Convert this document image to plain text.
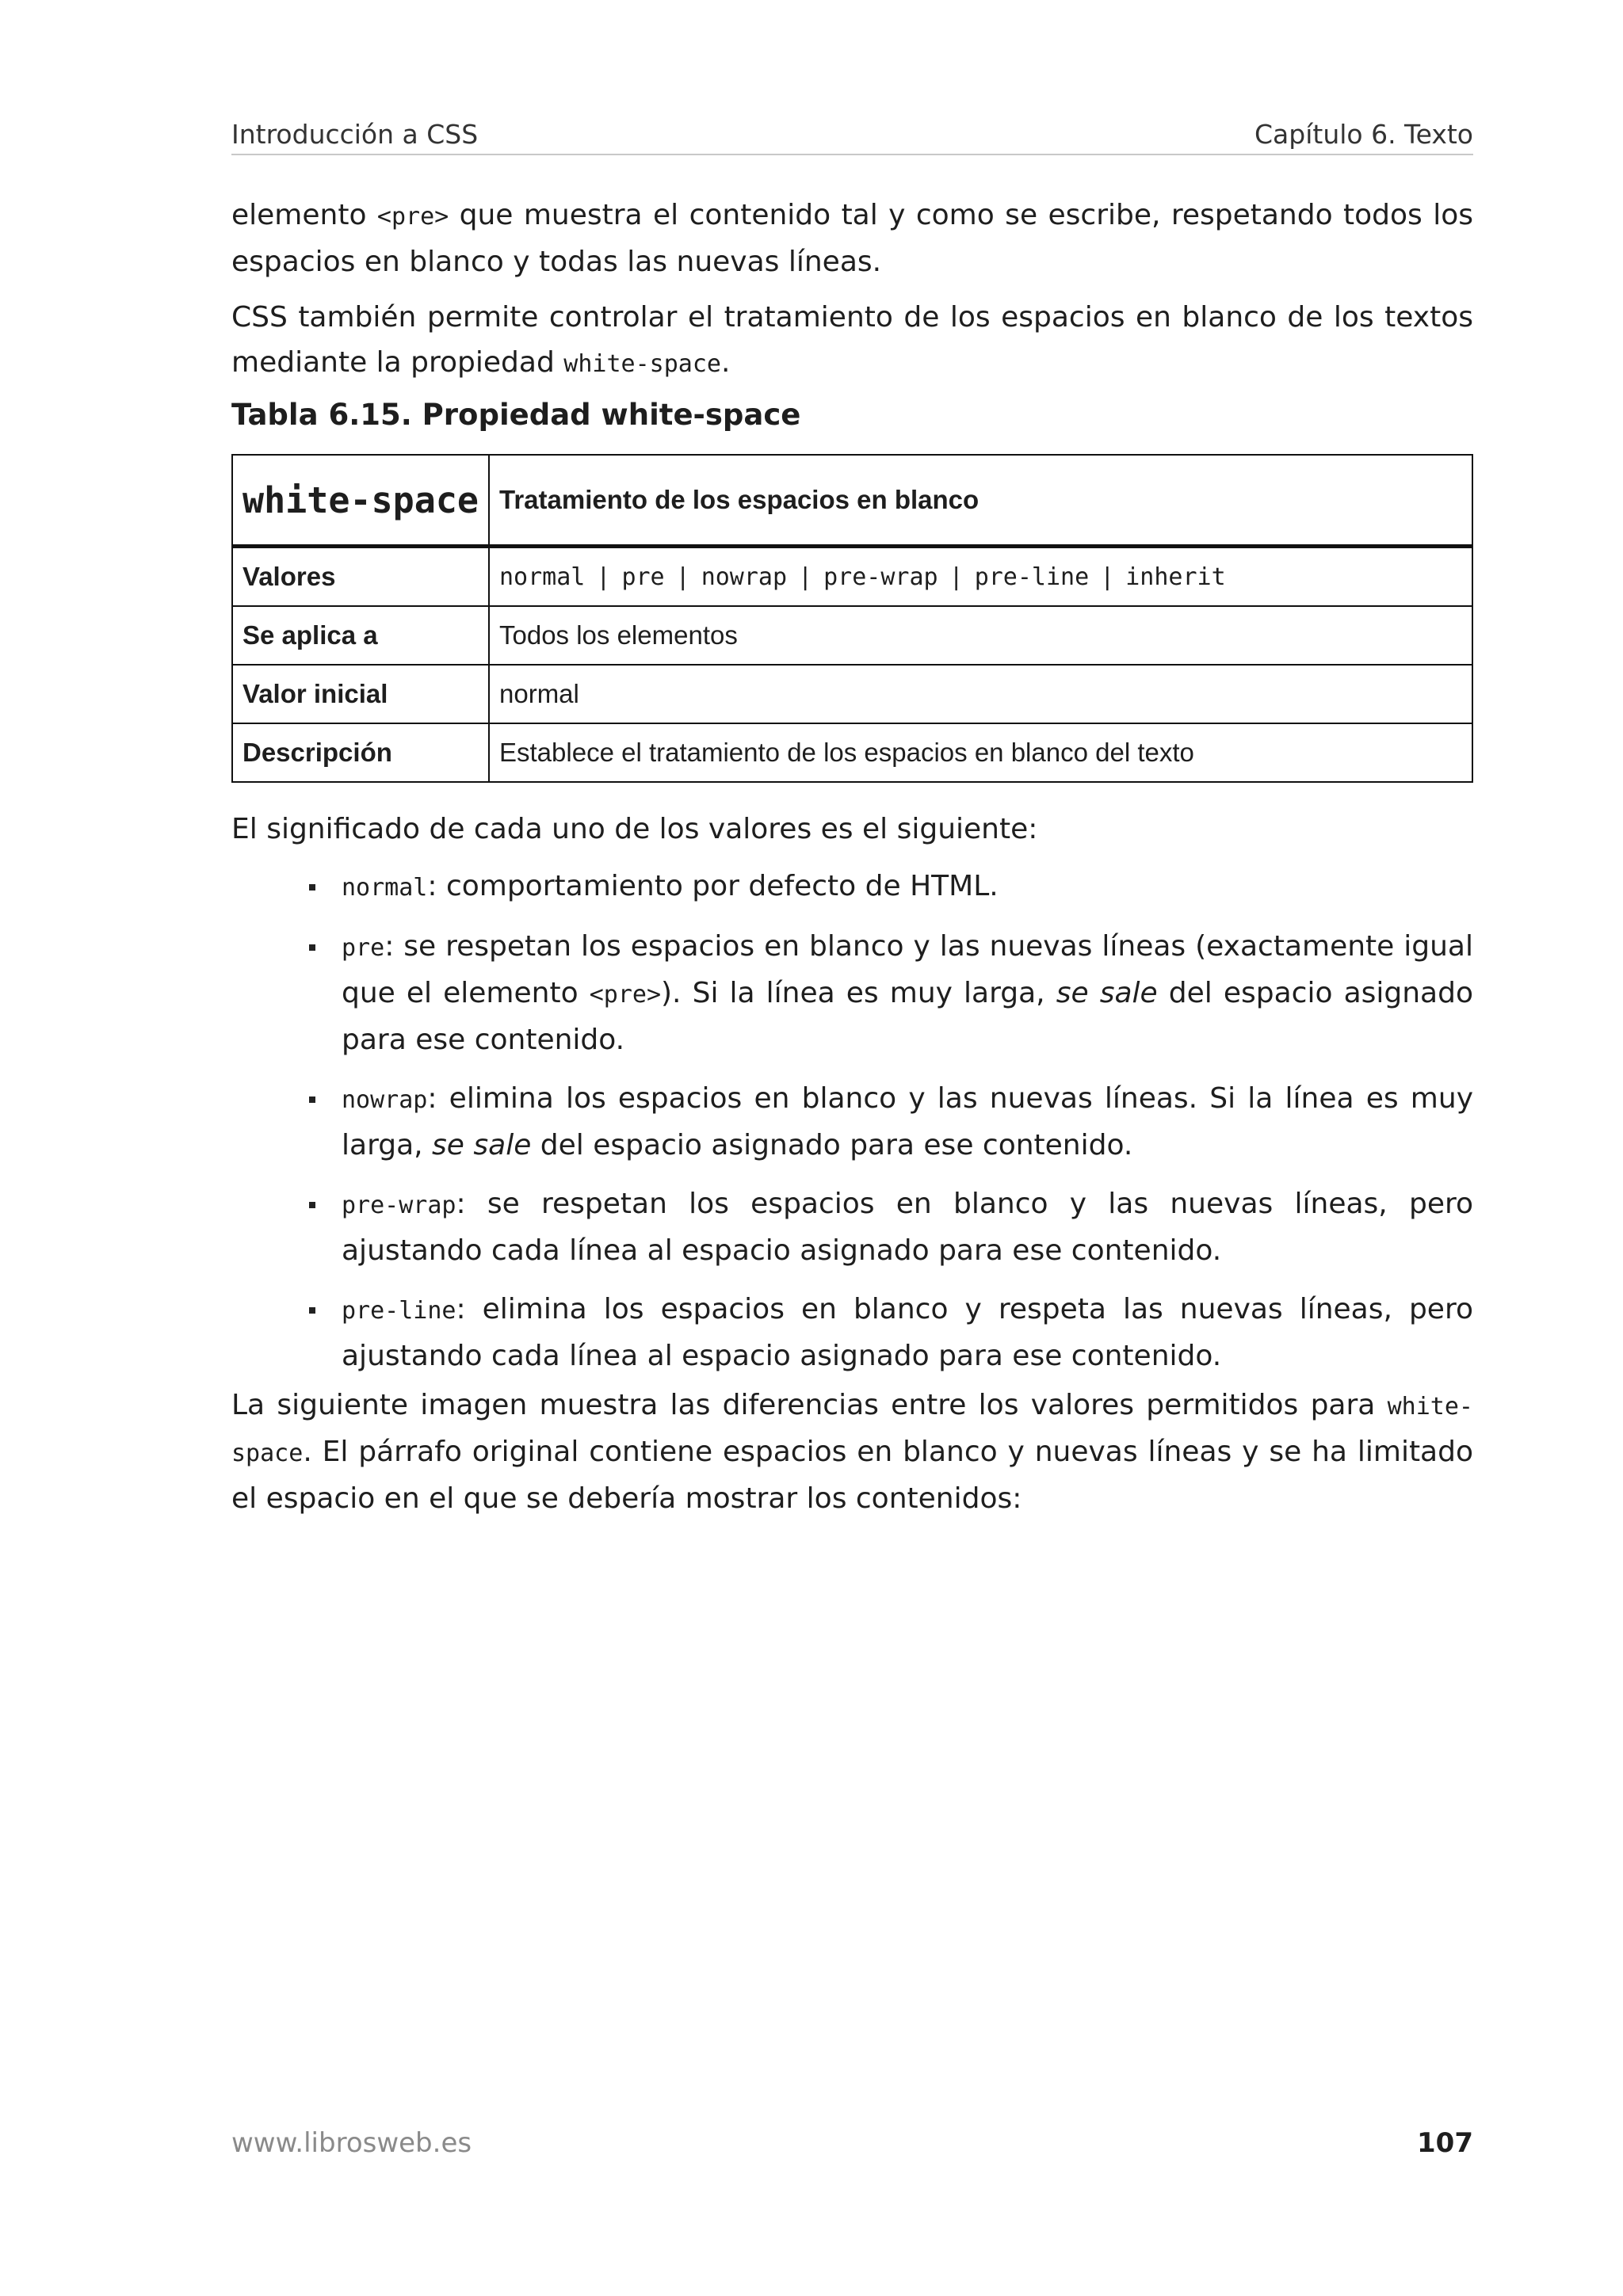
Introducción a CSS	Capítulo 6. Texto

elemento <pre> que muestra el contenido tal y como se escribe, respetando todos los espacios en blanco y todas las nuevas líneas.

CSS también permite controlar el tratamiento de los espacios en blanco de los textos mediante la propiedad white-space.

Tabla 6.15. Propiedad white-space

white-space	Tratamiento de los espacios en blanco
Valores	normal | pre | nowrap | pre-wrap | pre-line | inherit
Se aplica a	Todos los elementos
Valor inicial	normal
Descripción	Establece el tratamiento de los espacios en blanco del texto

El significado de cada uno de los valores es el siguiente:

normal: comportamiento por defecto de HTML.
pre: se respetan los espacios en blanco y las nuevas líneas (exactamente igual que el elemento <pre>). Si la línea es muy larga, se sale del espacio asignado para ese contenido.
nowrap: elimina los espacios en blanco y las nuevas líneas. Si la línea es muy larga, se sale del espacio asignado para ese contenido.
pre-wrap: se respetan los espacios en blanco y las nuevas líneas, pero ajustando cada línea al espacio asignado para ese contenido.
pre-line: elimina los espacios en blanco y respeta las nuevas líneas, pero ajustando cada línea al espacio asignado para ese contenido.

La siguiente imagen muestra las diferencias entre los valores permitidos para white-space. El párrafo original contiene espacios en blanco y nuevas líneas y se ha limitado el espacio en el que se debería mostrar los contenidos:

www.librosweb.es	107
